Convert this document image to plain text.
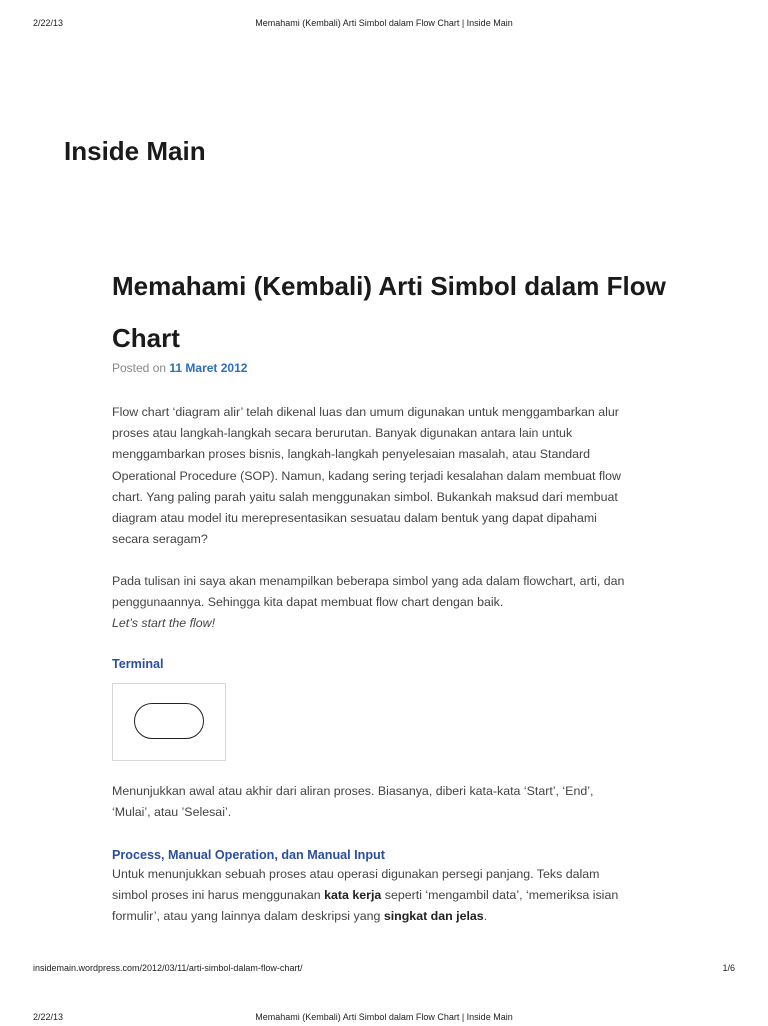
2/22/13	Memahami (Kembali) Arti Simbol dalam Flow Chart | Inside Main
Inside Main
Memahami (Kembali) Arti Simbol dalam Flow Chart
Posted on 11 Maret 2012
Flow chart ‘diagram alir’ telah dikenal luas dan umum digunakan untuk menggambarkan alur
proses atau langkah-langkah secara berurutan. Banyak digunakan antara lain untuk
menggambarkan proses bisnis, langkah-langkah penyelesaian masalah, atau Standard
Operational Procedure (SOP). Namun, kadang sering terjadi kesalahan dalam membuat flow
chart. Yang paling parah yaitu salah menggunakan simbol. Bukankah maksud dari membuat
diagram atau model itu merepresentasikan sesuatau dalam bentuk yang dapat dipahami
secara seragam?
Pada tulisan ini saya akan menampilkan beberapa simbol yang ada dalam flowchart, arti, dan
penggunaannya. Sehingga kita dapat membuat flow chart dengan baik.
Let’s start the flow!
Terminal
Menunjukkan awal atau akhir dari aliran proses. Biasanya, diberi kata-kata ‘Start’, ‘End’,
‘Mulai’, atau ’Selesai’.
Process, Manual Operation, dan Manual Input
Untuk menunjukkan sebuah proses atau operasi digunakan persegi panjang. Teks dalam
simbol proses ini harus menggunakan kata kerja seperti ‘mengambil data’, ‘memeriksa isian
formulir’, atau yang lainnya dalam deskripsi yang singkat dan jelas.
insidemain.wordpress.com/2012/03/11/arti-simbol-dalam-flow-chart/	1/6
2/22/13	Memahami (Kembali) Arti Simbol dalam Flow Chart | Inside Main
